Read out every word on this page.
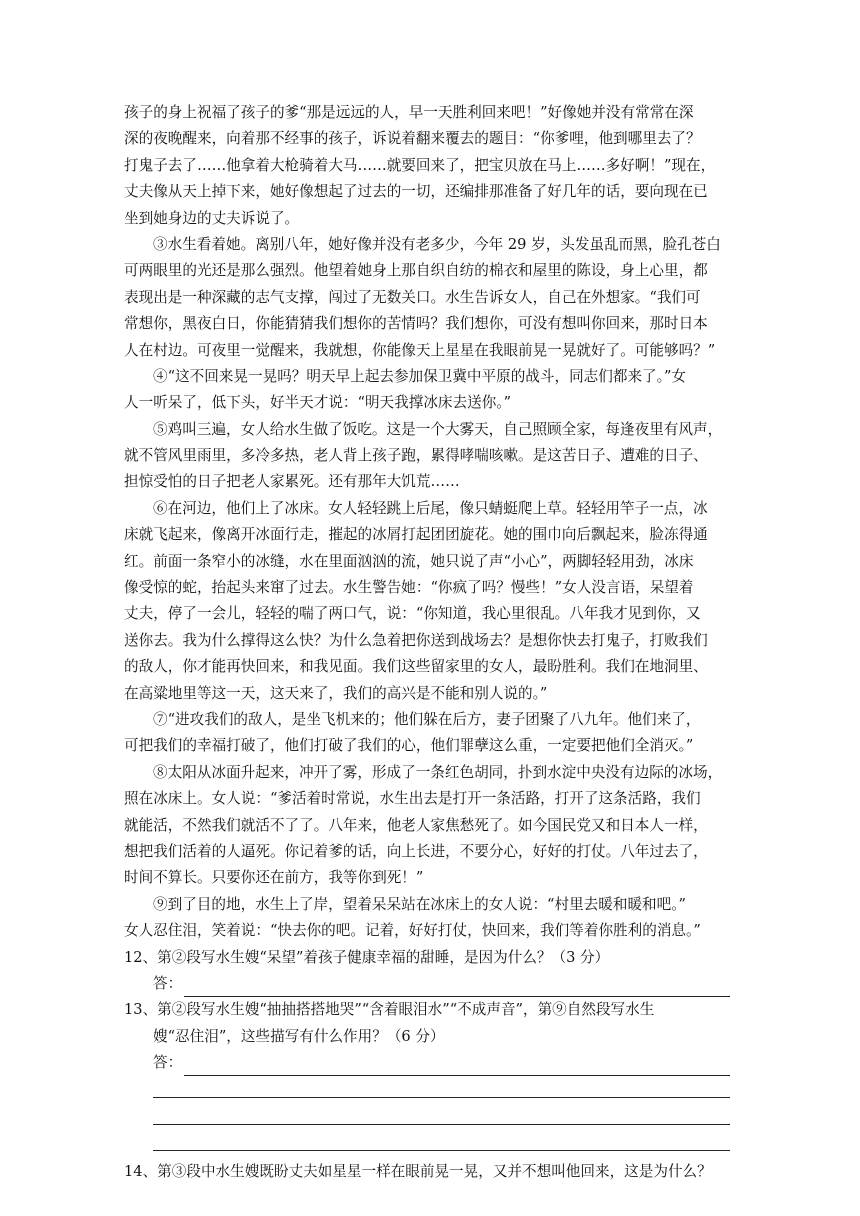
孩子的身上祝福了孩子的爹“那是远远的人，早一天胜利回来吧！”好像她并没有常常在深
深的夜晚醒来，向着那不经事的孩子，诉说着翻来覆去的题目：“你爹哩，他到哪里去了？
打鬼子去了……他拿着大枪骑着大马……就要回来了，把宝贝放在马上……多好啊！”现在，
丈夫像从天上掉下来，她好像想起了过去的一切，还编排那准备了好几年的话，要向现在已
坐到她身边的丈夫诉说了。
③水生看着她。离别八年，她好像并没有老多少，今年 29 岁，头发虽乱而黑，脸孔苍白
可两眼里的光还是那么强烈。他望着她身上那自织自纺的棉衣和屋里的陈设，身上心里，都
表现出是一种深藏的志气支撑，闯过了无数关口。水生告诉女人，自己在外想家。“我们可
常想你，黑夜白日，你能猜猜我们想你的苦情吗？我们想你，可没有想叫你回来，那时日本
人在村边。可夜里一觉醒来，我就想，你能像天上星星在我眼前晃一晃就好了。可能够吗？”
④“这不回来晃一晃吗？明天早上起去参加保卫冀中平原的战斗，同志们都来了。”女
人一听呆了，低下头，好半天才说：“明天我撑冰床去送你。”
⑤鸡叫三遍，女人给水生做了饭吃。这是一个大雾天，自己照顾全家，每逢夜里有风声，
就不管风里雨里，多冷多热，老人背上孩子跑，累得哮喘咳嗽。是这苦日子、遭难的日子、
担惊受怕的日子把老人家累死。还有那年大饥荒……
⑥在河边，他们上了冰床。女人轻轻跳上后尾，像只蜻蜓爬上草。轻轻用竿子一点，冰
床就飞起来，像离开冰面行走，摧起的冰屑打起团团旋花。她的围巾向后飘起来，脸冻得通
红。前面一条窄小的冰缝，水在里面汹汹的流，她只说了声“小心”，两脚轻轻用劲，冰床
像受惊的蛇，抬起头来窜了过去。水生警告她：“你疯了吗？慢些！”女人没言语，呆望着
丈夫，停了一会儿，轻轻的喘了两口气，说：“你知道，我心里很乱。八年我才见到你，又
送你去。我为什么撑得这么快？为什么急着把你送到战场去？是想你快去打鬼子，打败我们
的敌人，你才能再快回来，和我见面。我们这些留家里的女人，最盼胜利。我们在地洞里、
在高粱地里等这一天，这天来了，我们的高兴是不能和别人说的。”
⑦“进攻我们的敌人，是坐飞机来的；他们躲在后方，妻子团聚了八九年。他们来了，
可把我们的幸福打破了，他们打破了我们的心，他们罪孽这么重，一定要把他们全消灭。”
⑧太阳从冰面升起来，冲开了雾，形成了一条红色胡同，扑到水淀中央没有边际的冰场，
照在冰床上。女人说：“爹活着时常说，水生出去是打开一条活路，打开了这条活路，我们
就能活，不然我们就活不了了。八年来，他老人家焦愁死了。如今国民党又和日本人一样，
想把我们活着的人逼死。你记着爹的话，向上长进，不要分心，好好的打仗。八年过去了，
时间不算长。只要你还在前方，我等你到死！”
⑨到了目的地，水生上了岸，望着呆呆站在冰床上的女人说：“村里去暖和暖和吧。”
女人忍住泪，笑着说：“快去你的吧。记着，好好打仗，快回来，我们等着你胜利的消息。”
12、第②段写水生嫂“呆望”着孩子健康幸福的甜睡，是因为什么？（3 分）
答：
13、第②段写水生嫂“抽抽搭搭地哭”“含着眼泪水”“不成声音”，第⑨自然段写水生
嫂“忍住泪”，这些描写有什么作用？（6 分）
答：
14、第③段中水生嫂既盼丈夫如星星一样在眼前晃一晃，又并不想叫他回来，这是为什么？
